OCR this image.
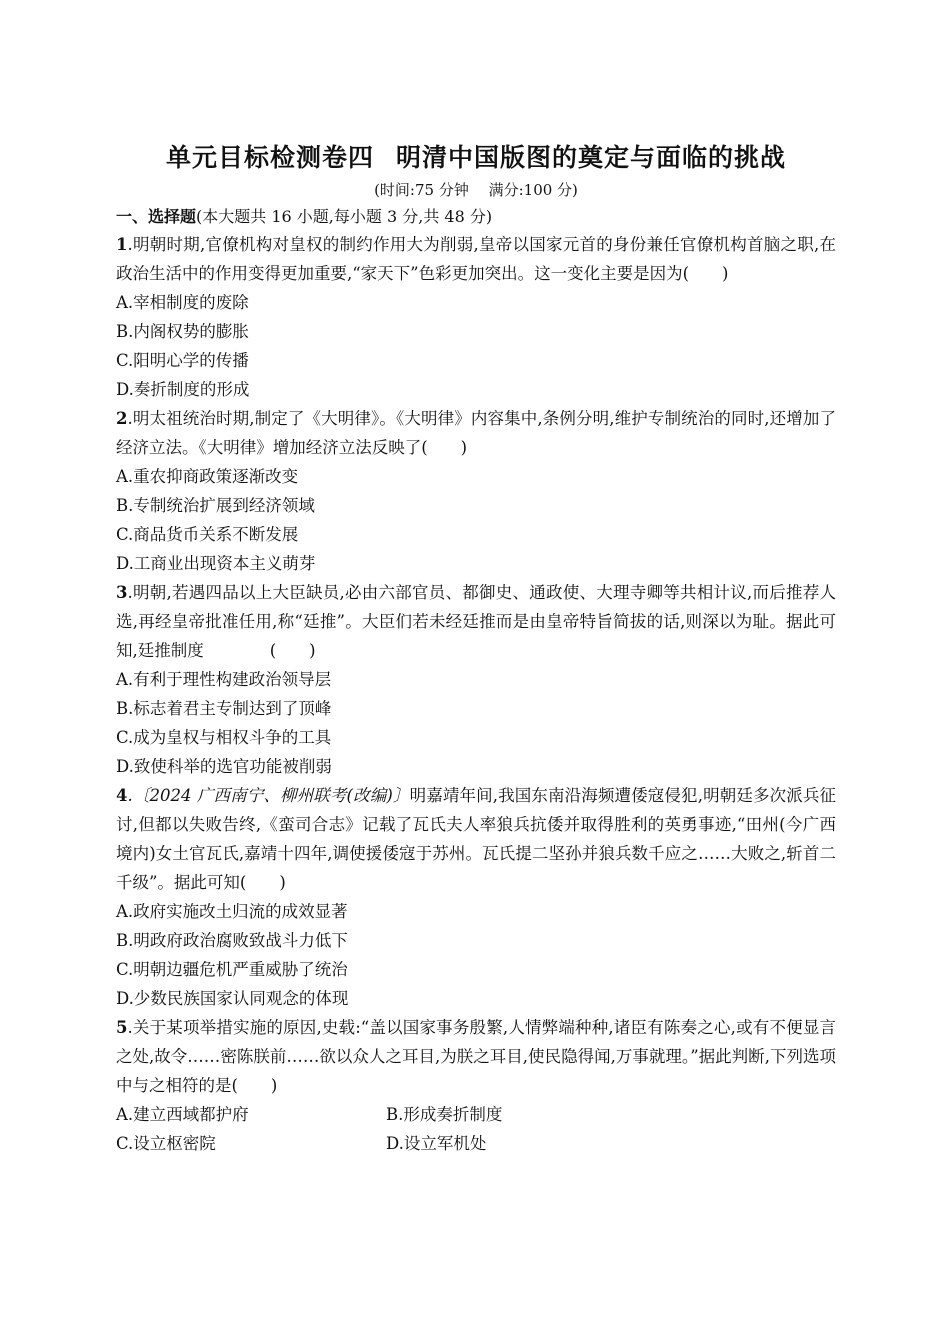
单元目标检测卷四 明清中国版图的奠定与面临的挑战

(时间:75 分钟　 满分:100 分)

一、选择题(本大题共 16 小题,每小题 3 分,共 48 分)

1.明朝时期,官僚机构对皇权的制约作用大为削弱,皇帝以国家元首的身份兼任官僚机构首脑之职,在政治生活中的作用变得更加重要,“家天下”色彩更加突出。这一变化主要是因为(　　)

A.宰相制度的废除

B.内阁权势的膨胀

C.阳明心学的传播

D.奏折制度的形成

2.明太祖统治时期,制定了《大明律》。《大明律》内容集中,条例分明,维护专制统治的同时,还增加了经济立法。《大明律》增加经济立法反映了(　　)

A.重农抑商政策逐渐改变

B.专制统治扩展到经济领域

C.商品货币关系不断发展

D.工商业出现资本主义萌芽

3.明朝,若遇四品以上大臣缺员,必由六部官员、都御史、通政使、大理寺卿等共相计议,而后推荐人选,再经皇帝批准任用,称“廷推”。大臣们若未经廷推而是由皇帝特旨简拔的话,则深以为耻。据此可知,廷推制度　　　　(　　)

A.有利于理性构建政治领导层

B.标志着君主专制达到了顶峰

C.成为皇权与相权斗争的工具

D.致使科举的选官功能被削弱

4.〔2024 广西南宁、柳州联考(改编)〕明嘉靖年间,我国东南沿海频遭倭寇侵犯,明朝廷多次派兵征讨,但都以失败告终,《蛮司合志》记载了瓦氏夫人率狼兵抗倭并取得胜利的英勇事迹,“田州(今广西境内)女土官瓦氏,嘉靖十四年,调使援倭寇于苏州。瓦氏提二坚孙并狼兵数千应之……大败之,斩首二千级”。据此可知(　　)

A.政府实施改土归流的成效显著

B.明政府政治腐败致战斗力低下

C.明朝边疆危机严重威胁了统治

D.少数民族国家认同观念的体现

5.关于某项举措实施的原因,史载:“盖以国家事务殷繁,人情弊端种种,诸臣有陈奏之心,或有不便显言之处,故令……密陈朕前……欲以众人之耳目,为朕之耳目,使民隐得闻,万事就理。”据此判断,下列选项中与之相符的是(　　)

A.建立西域都护府	B.形成奏折制度

C.设立枢密院	D.设立军机处
